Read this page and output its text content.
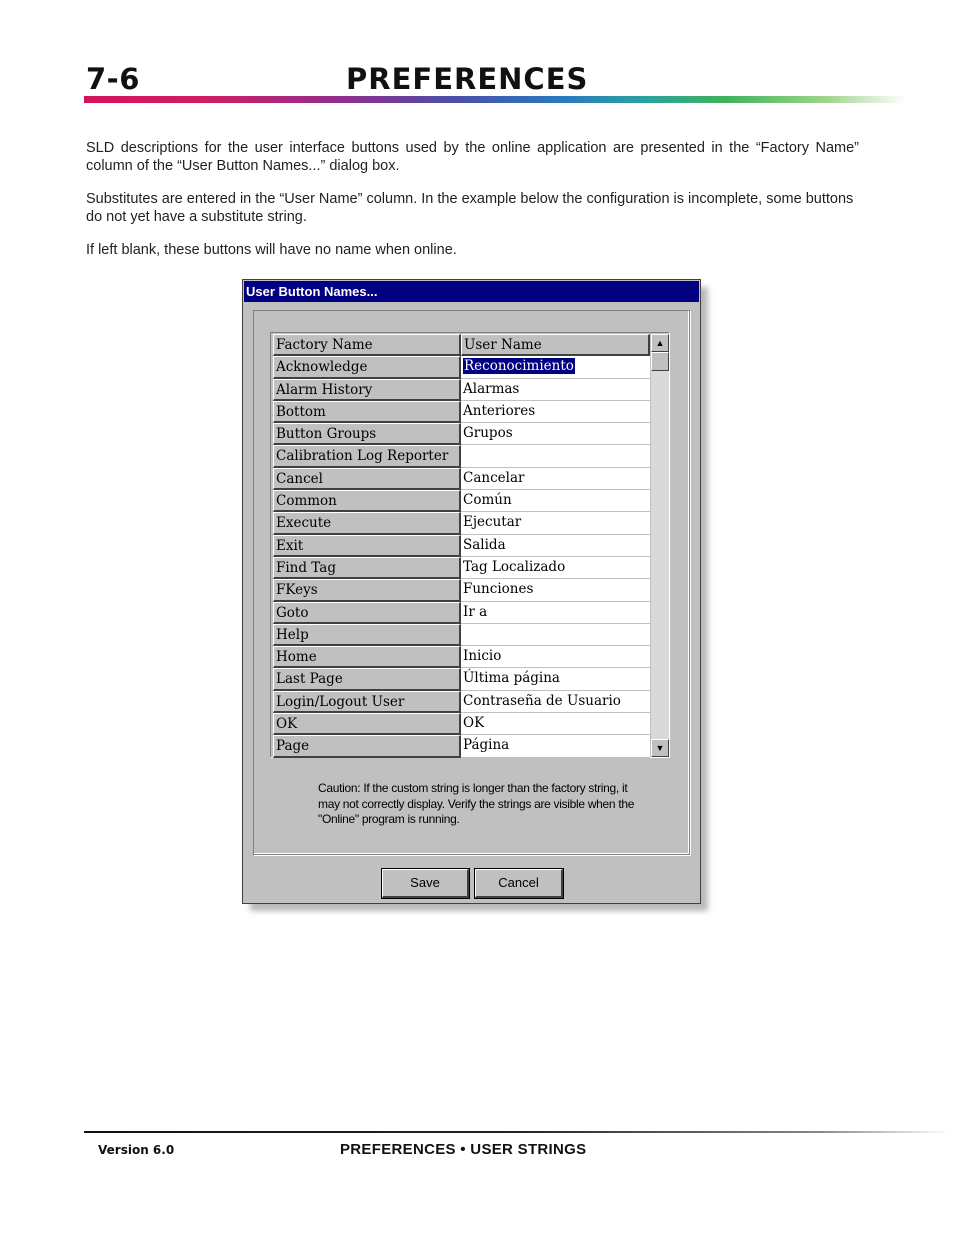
7-6	PREFERENCES

SLD descriptions for the user interface buttons used by the online application are presented in the “Factory Name” column of the “User Button Names...” dialog box.

Substitutes are entered in the “User Name” column. In the example below the configuration is incomplete, some buttons do not yet have a substitute string.

If left blank, these buttons will have no name when online.

User Button Names...
Factory Name	User Name
Acknowledge	Reconocimiento
Alarm History	Alarmas
Bottom	Anteriores
Button Groups	Grupos
Calibration Log Reporter
Cancel	Cancelar
Common	Común
Execute	Ejecutar
Exit	Salida
Find Tag	Tag Localizado
FKeys	Funciones
Goto	Ir a
Help
Home	Inicio
Last Page	Última página
Login/Logout User	Contraseña de Usuario
OK	OK
Page	Página
▲
▼
Caution: If the custom string is longer than the factory string, it may not correctly display. Verify the strings are visible when the "Online" program is running.
Save	Cancel
Version 6.0	PREFERENCES • USER STRINGS
